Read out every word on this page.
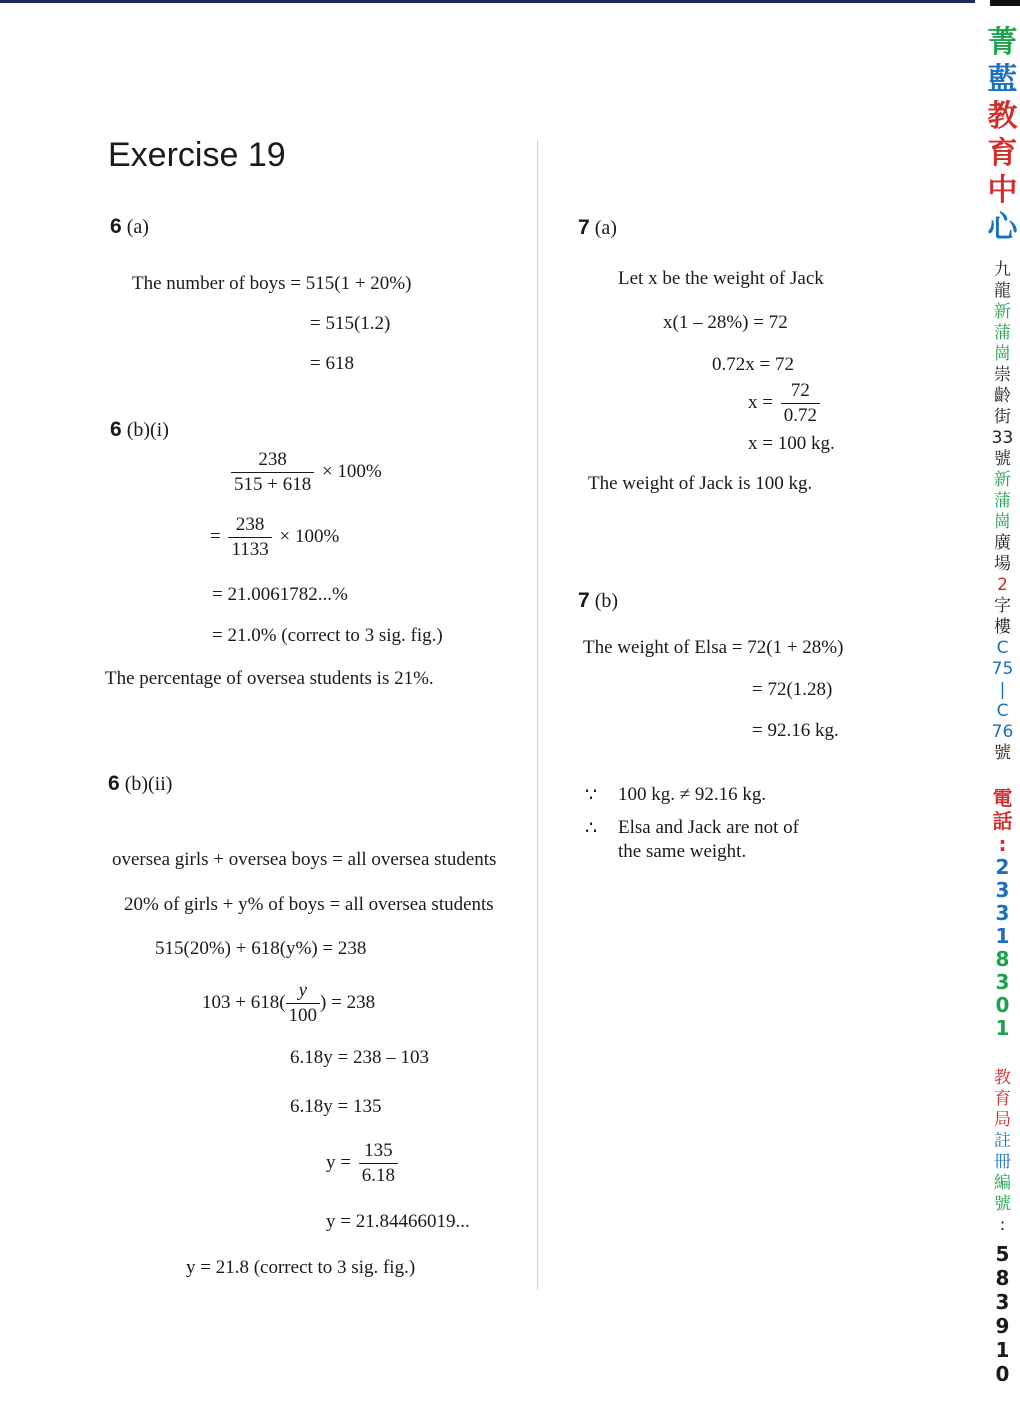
Exercise 19
6 (a)
The number of boys = 515(1 + 20%)
= 515(1.2)
= 618
6 (b)(i)
$\frac{238}{515 + 618} \times 100\%$
= $\frac{238}{1133} \times 100\%$
= 21.0061782...%
= 21.0% (correct to 3 sig. fig.)
The percentage of oversea students is 21%.
6 (b)(ii)
oversea girls + oversea boys = all oversea students
20% of girls + y% of boys = all oversea students
515(20%) + 618(y%) = 238
$103 + 618( \frac{y}{100}$ ) = 238
6.18y = 238 – 103
6.18y = 135
$y = \frac{135}{6.18}$
y = 21.84466019...
y = 21.8 (correct to 3 sig. fig.)
7 (a)
Let x be the weight of Jack
x(1 – 28%) = 72
0.72x = 72
$x = \frac{72}{0.72}$
x = 100 kg.
The weight of Jack is 100 kg.
7 (b)
The weight of Elsa = 72(1 + 28%)
= 72(1.28)
= 92.16 kg.
∵ 100 kg. ≠ 92.16 kg.
∴ Elsa and Jack are not of
the same weight.
菁
藍
教
育
中
心
九
龍
新
蒲
崗
崇
齡
街
33
號
新
蒲
崗
廣
場
2
字
樓
C
75
|
C
76
號
電
話
:
2
3
3
1
8
3
0
1
教
育
局
註
冊
編
號
:
5
8
3
9
1
0
